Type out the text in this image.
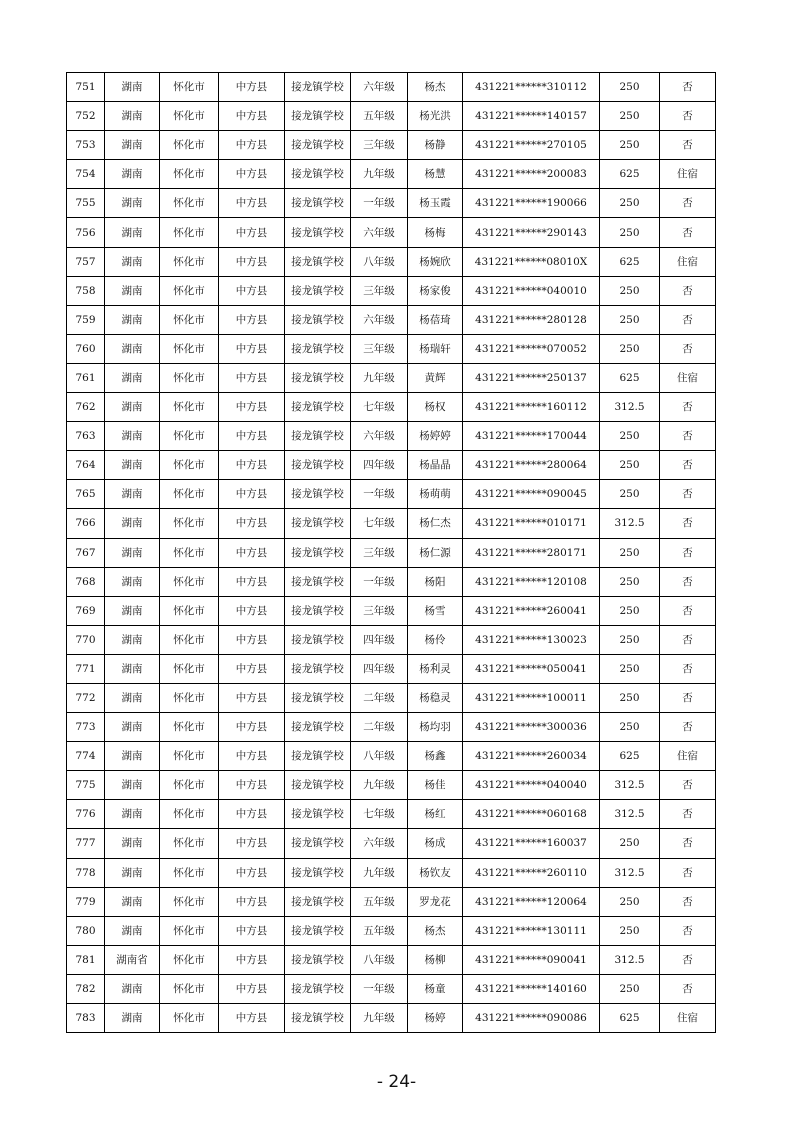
751	湖南	怀化市	中方县	接龙镇学校	六年级	杨杰	431221******310112	250	否
752	湖南	怀化市	中方县	接龙镇学校	五年级	杨光洪	431221******140157	250	否
753	湖南	怀化市	中方县	接龙镇学校	三年级	杨静	431221******270105	250	否
754	湖南	怀化市	中方县	接龙镇学校	九年级	杨慧	431221******200083	625	住宿
755	湖南	怀化市	中方县	接龙镇学校	一年级	杨玉霞	431221******190066	250	否
756	湖南	怀化市	中方县	接龙镇学校	六年级	杨梅	431221******290143	250	否
757	湖南	怀化市	中方县	接龙镇学校	八年级	杨婉欣	431221******08010X	625	住宿
758	湖南	怀化市	中方县	接龙镇学校	三年级	杨家俊	431221******040010	250	否
759	湖南	怀化市	中方县	接龙镇学校	六年级	杨蓓琦	431221******280128	250	否
760	湖南	怀化市	中方县	接龙镇学校	三年级	杨瑞轩	431221******070052	250	否
761	湖南	怀化市	中方县	接龙镇学校	九年级	黄辉	431221******250137	625	住宿
762	湖南	怀化市	中方县	接龙镇学校	七年级	杨权	431221******160112	312.5	否
763	湖南	怀化市	中方县	接龙镇学校	六年级	杨婷婷	431221******170044	250	否
764	湖南	怀化市	中方县	接龙镇学校	四年级	杨晶晶	431221******280064	250	否
765	湖南	怀化市	中方县	接龙镇学校	一年级	杨萌萌	431221******090045	250	否
766	湖南	怀化市	中方县	接龙镇学校	七年级	杨仁杰	431221******010171	312.5	否
767	湖南	怀化市	中方县	接龙镇学校	三年级	杨仁源	431221******280171	250	否
768	湖南	怀化市	中方县	接龙镇学校	一年级	杨阳	431221******120108	250	否
769	湖南	怀化市	中方县	接龙镇学校	三年级	杨雪	431221******260041	250	否
770	湖南	怀化市	中方县	接龙镇学校	四年级	杨伶	431221******130023	250	否
771	湖南	怀化市	中方县	接龙镇学校	四年级	杨利灵	431221******050041	250	否
772	湖南	怀化市	中方县	接龙镇学校	二年级	杨稳灵	431221******100011	250	否
773	湖南	怀化市	中方县	接龙镇学校	二年级	杨均羽	431221******300036	250	否
774	湖南	怀化市	中方县	接龙镇学校	八年级	杨鑫	431221******260034	625	住宿
775	湖南	怀化市	中方县	接龙镇学校	九年级	杨佳	431221******040040	312.5	否
776	湖南	怀化市	中方县	接龙镇学校	七年级	杨红	431221******060168	312.5	否
777	湖南	怀化市	中方县	接龙镇学校	六年级	杨成	431221******160037	250	否
778	湖南	怀化市	中方县	接龙镇学校	九年级	杨钦友	431221******260110	312.5	否
779	湖南	怀化市	中方县	接龙镇学校	五年级	罗龙花	431221******120064	250	否
780	湖南	怀化市	中方县	接龙镇学校	五年级	杨杰	431221******130111	250	否
781	湖南省	怀化市	中方县	接龙镇学校	八年级	杨柳	431221******090041	312.5	否
782	湖南	怀化市	中方县	接龙镇学校	一年级	杨童	431221******140160	250	否
783	湖南	怀化市	中方县	接龙镇学校	九年级	杨婷	431221******090086	625	住宿
- 24-
